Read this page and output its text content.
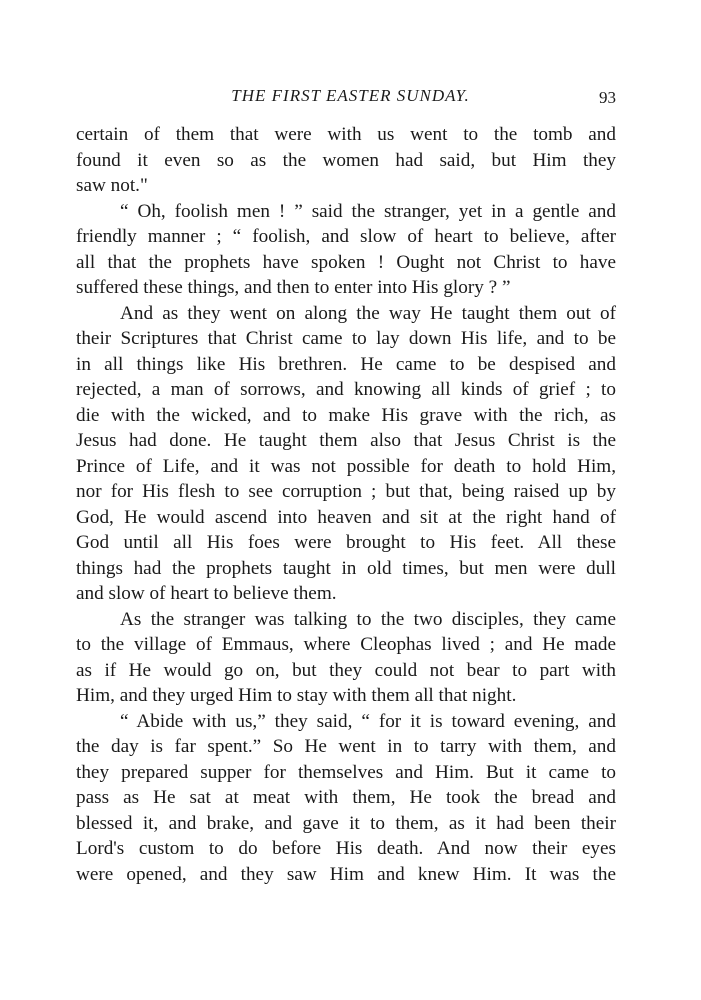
THE FIRST EASTER SUNDAY.	93
certain of them that were with us went to the tomb and
found it even so as the women had said, but Him they
saw not."
“ Oh, foolish men ! ” said the stranger, yet in a gentle and
friendly manner ; “ foolish, and slow of heart to believe, after
all that the prophets have spoken ! Ought not Christ to have
suffered these things, and then to enter into His glory ? ”
And as they went on along the way He taught them out of
their Scriptures that Christ came to lay down His life, and to be
in all things like His brethren. He came to be despised and
rejected, a man of sorrows, and knowing all kinds of grief ; to
die with the wicked, and to make His grave with the rich, as
Jesus had done. He taught them also that Jesus Christ is the
Prince of Life, and it was not possible for death to hold Him,
nor for His flesh to see corruption ; but that, being raised up by
God, He would ascend into heaven and sit at the right hand of
God until all His foes were brought to His feet. All these
things had the prophets taught in old times, but men were dull
and slow of heart to believe them.
As the stranger was talking to the two disciples, they came
to the village of Emmaus, where Cleophas lived ; and He made
as if He would go on, but they could not bear to part with
Him, and they urged Him to stay with them all that night.
“ Abide with us,” they said, “ for it is toward evening, and
the day is far spent.” So He went in to tarry with them, and
they prepared supper for themselves and Him. But it came to
pass as He sat at meat with them, He took the bread and
blessed it, and brake, and gave it to them, as it had been their
Lord's custom to do before His death. And now their eyes
were opened, and they saw Him and knew Him. It was the
